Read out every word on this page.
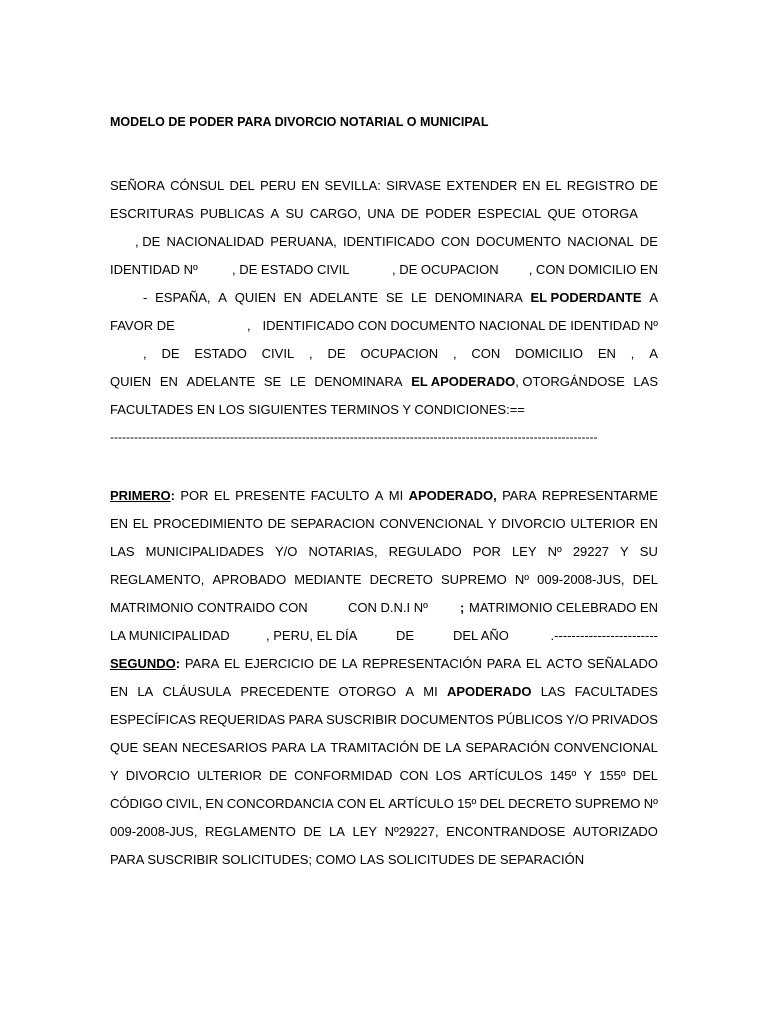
MODELO DE PODER PARA DIVORCIO NOTARIAL O MUNICIPAL
SEÑORA CÓNSUL DEL PERU EN SEVILLA: SIRVASE EXTENDER EN EL REGISTRO DE
ESCRITURAS PUBLICAS A SU CARGO, UNA DE PODER ESPECIAL QUE OTORGA
, DE NACIONALIDAD PERUANA, IDENTIFICADO CON DOCUMENTO NACIONAL DE
IDENTIDAD Nº	, DE ESTADO CIVIL	, DE OCUPACION , CON DOMICILIO EN
- ESPAÑA, A QUIEN EN ADELANTE SE LE DENOMINARA EL PODERDANTE A
FAVOR DE	, IDENTIFICADO CON DOCUMENTO NACIONAL DE IDENTIDAD Nº
, DE ESTADO CIVIL , DE OCUPACION , CON DOMICILIO EN , A
QUIEN EN ADELANTE SE LE DENOMINARA EL APODERADO, OTORGÁNDOSE LAS
FACULTADES EN LOS SIGUIENTES TERMINOS Y CONDICIONES:==
--------------------------------------------------------------------------------------------------------------------------
PRIMERO: POR EL PRESENTE FACULTO A MI APODERADO, PARA REPRESENTARME
EN EL PROCEDIMIENTO DE SEPARACION CONVENCIONAL Y DIVORCIO ULTERIOR EN
LAS MUNICIPALIDADES Y/O NOTARIAS, REGULADO POR LEY Nº 29227 Y SU
REGLAMENTO, APROBADO MEDIANTE DECRETO SUPREMO Nº 009-2008-JUS, DEL
MATRIMONIO CONTRAIDO CON	CON D.N.I Nº ; MATRIMONIO CELEBRADO EN
LA MUNICIPALIDAD	, PERU, EL DÍA	DE	DEL AÑO	.------------------------
SEGUNDO: PARA EL EJERCICIO DE LA REPRESENTACIÓN PARA EL ACTO SEÑALADO
EN LA CLÁUSULA PRECEDENTE OTORGO A MI APODERADO LAS FACULTADES
ESPECÍFICAS REQUERIDAS PARA SUSCRIBIR DOCUMENTOS PÚBLICOS Y/O PRIVADOS
QUE SEAN NECESARIOS PARA LA TRAMITACIÓN DE LA SEPARACIÓN CONVENCIONAL
Y DIVORCIO ULTERIOR DE CONFORMIDAD CON LOS ARTÍCULOS 145º Y 155º DEL
CÓDIGO CIVIL, EN CONCORDANCIA CON EL ARTÍCULO 15º DEL DECRETO SUPREMO Nº
009-2008-JUS, REGLAMENTO DE LA LEY Nº29227, ENCONTRANDOSE AUTORIZADO
PARA SUSCRIBIR SOLICITUDES; COMO LAS SOLICITUDES DE SEPARACIÓN
